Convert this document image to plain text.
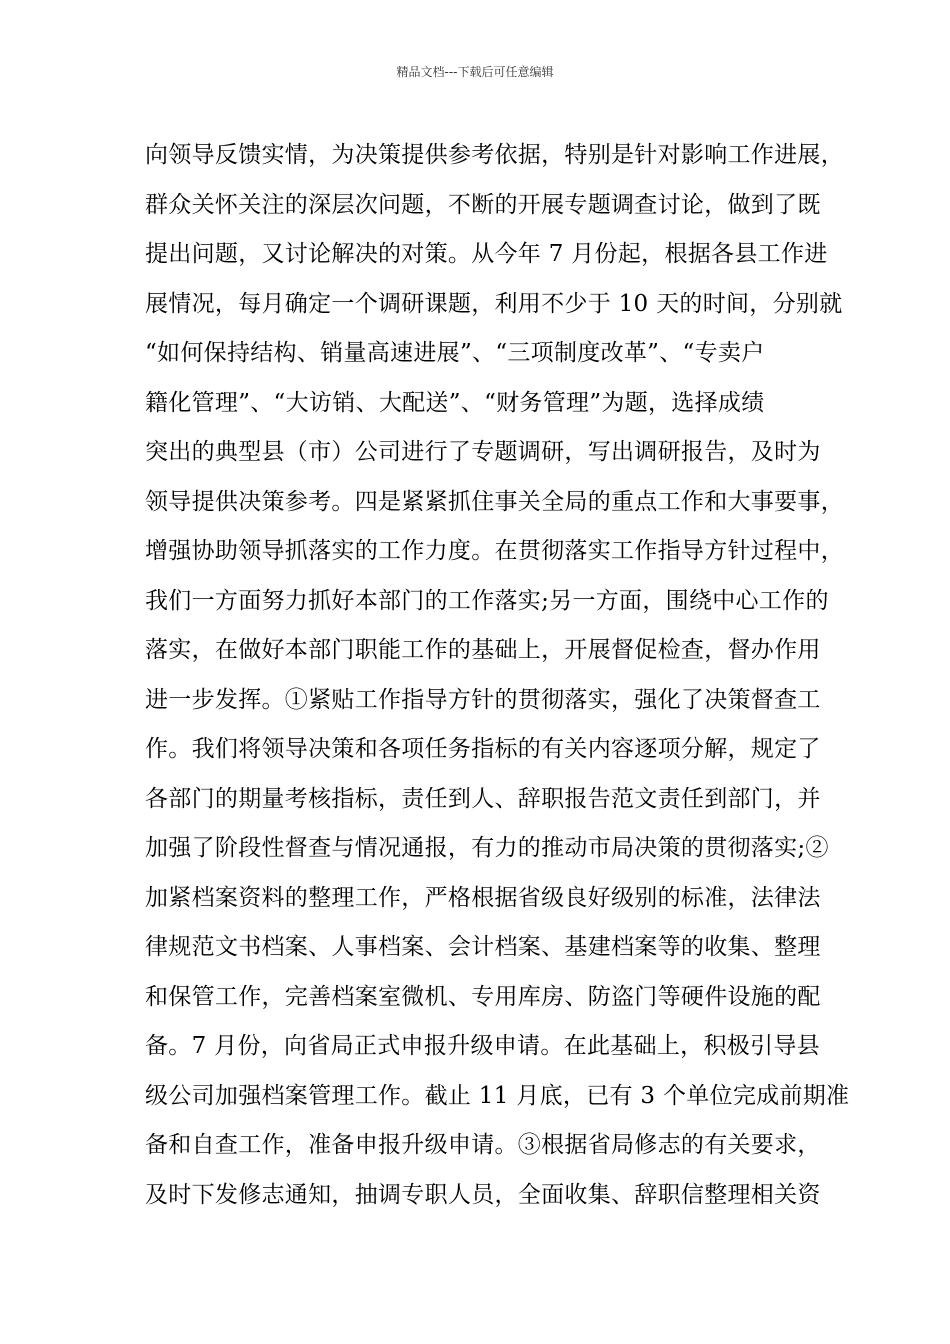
精品文档---下载后可任意编辑
向领导反馈实情，为决策提供参考依据，特别是针对影响工作进展，
群众关怀关注的深层次问题，不断的开展专题调查讨论，做到了既
提出问题，又讨论解决的对策。从今年 7 月份起，根据各县工作进
展情况，每月确定一个调研课题，利用不少于 10 天的时间，分别就
“如何保持结构、销量高速进展”、“三项制度改革”、“专卖户
籍化管理”、“大访销、大配送”、“财务管理”为题，选择成绩
突出的典型县（市）公司进行了专题调研，写出调研报告，及时为
领导提供决策参考。四是紧紧抓住事关全局的重点工作和大事要事，
增强协助领导抓落实的工作力度。在贯彻落实工作指导方针过程中，
我们一方面努力抓好本部门的工作落实;另一方面，围绕中心工作的
落实，在做好本部门职能工作的基础上，开展督促检查，督办作用
进一步发挥。①紧贴工作指导方针的贯彻落实，强化了决策督查工
作。我们将领导决策和各项任务指标的有关内容逐项分解，规定了
各部门的期量考核指标，责任到人、辞职报告范文责任到部门，并
加强了阶段性督查与情况通报，有力的推动市局决策的贯彻落实;②
加紧档案资料的整理工作，严格根据省级良好级别的标准，法律法
律规范文书档案、人事档案、会计档案、基建档案等的收集、整理
和保管工作，完善档案室微机、专用库房、防盗门等硬件设施的配
备。7 月份，向省局正式申报升级申请。在此基础上，积极引导县
级公司加强档案管理工作。截止 11 月底，已有 3 个单位完成前期准
备和自查工作，准备申报升级申请。③根据省局修志的有关要求，
及时下发修志通知，抽调专职人员，全面收集、辞职信整理相关资
